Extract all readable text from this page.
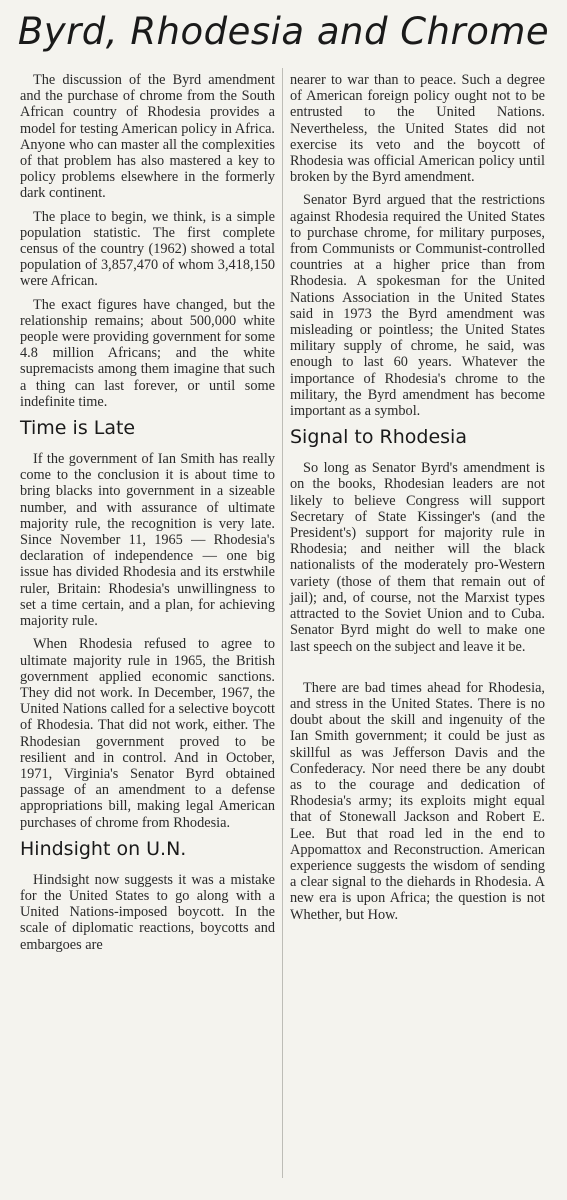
Byrd, Rhodesia and Chrome

The discussion of the Byrd amendment and the purchase of chrome from the South African country of Rhodesia provides a model for testing American policy in Africa. Anyone who can master all the complexities of that problem has also mastered a key to policy problems elsewhere in the formerly dark continent.

The place to begin, we think, is a simple population statistic. The first complete census of the country (1962) showed a total population of 3,857,470 of whom 3,418,150 were African.

The exact figures have changed, but the relationship remains; about 500,000 white people were providing government for some 4.8 million Africans; and the white supremacists among them imagine that such a thing can last forever, or until some indefinite time.

Time is Late

If the government of Ian Smith has really come to the conclusion it is about time to bring blacks into government in a sizeable number, and with assurance of ultimate majority rule, the recognition is very late. Since November 11, 1965 — Rhodesia's declaration of independence — one big issue has divided Rhodesia and its erstwhile ruler, Britain: Rhodesia's unwillingness to set a time certain, and a plan, for achieving majority rule.

When Rhodesia refused to agree to ultimate majority rule in 1965, the British government applied economic sanctions. They did not work. In December, 1967, the United Nations called for a selective boycott of Rhodesia. That did not work, either. The Rhodesian government proved to be resilient and in control. And in October, 1971, Virginia's Senator Byrd obtained passage of an amendment to a defense appropriations bill, making legal American purchases of chrome from Rhodesia.

Hindsight on U.N.

Hindsight now suggests it was a mistake for the United States to go along with a United Nations-imposed boycott. In the scale of diplomatic reactions, boycotts and embargoes are

nearer to war than to peace. Such a degree of American foreign policy ought not to be entrusted to the United Nations. Nevertheless, the United States did not exercise its veto and the boycott of Rhodesia was official American policy until broken by the Byrd amendment.

Senator Byrd argued that the restrictions against Rhodesia required the United States to purchase chrome, for military purposes, from Communists or Communist-controlled countries at a higher price than from Rhodesia. A spokesman for the United Nations Association in the United States said in 1973 the Byrd amendment was misleading or pointless; the United States military supply of chrome, he said, was enough to last 60 years. Whatever the importance of Rhodesia's chrome to the military, the Byrd amendment has become important as a symbol.

Signal to Rhodesia

So long as Senator Byrd's amendment is on the books, Rhodesian leaders are not likely to believe Congress will support Secretary of State Kissinger's (and the President's) support for majority rule in Rhodesia; and neither will the black nationalists of the moderately pro-Western variety (those of them that remain out of jail); and, of course, not the Marxist types attracted to the Soviet Union and to Cuba. Senator Byrd might do well to make one last speech on the subject and leave it be.

There are bad times ahead for Rhodesia, and stress in the United States. There is no doubt about the skill and ingenuity of the Ian Smith government; it could be just as skillful as was Jefferson Davis and the Confederacy. Nor need there be any doubt as to the courage and dedication of Rhodesia's army; its exploits might equal that of Stonewall Jackson and Robert E. Lee. But that road led in the end to Appomattox and Reconstruction. American experience suggests the wisdom of sending a clear signal to the diehards in Rhodesia. A new era is upon Africa; the question is not Whether, but How.
